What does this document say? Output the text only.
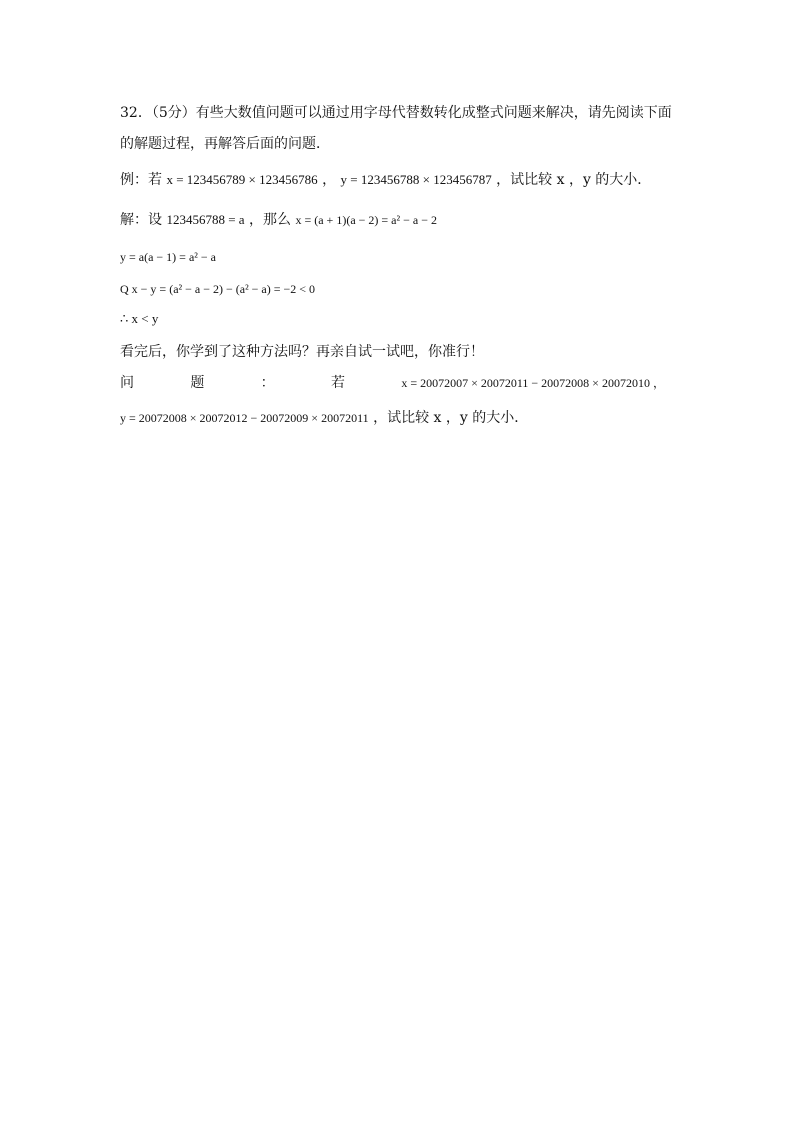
32．（5分）有些大数值问题可以通过用字母代替数转化成整式问题来解决，请先阅读下面
的解题过程，再解答后面的问题．
例：若 x = 123456789 × 123456786 ， y = 123456788 × 123456787 ，试比较 x ，y 的大小．
解：设 123456788 = a ，那么 x = (a + 1)(a − 2) = a² − a − 2
y = a(a − 1) = a² − a
Q x − y = (a² − a − 2) − (a² − a) = −2 < 0
∴ x < y
看完后，你学到了这种方法吗？再亲自试一试吧，你准行！
问	题	：	若	x = 20072007 × 20072011 − 20072008 × 20072010 ，
y = 20072008 × 20072012 − 20072009 × 20072011 ，试比较 x ，y 的大小．
